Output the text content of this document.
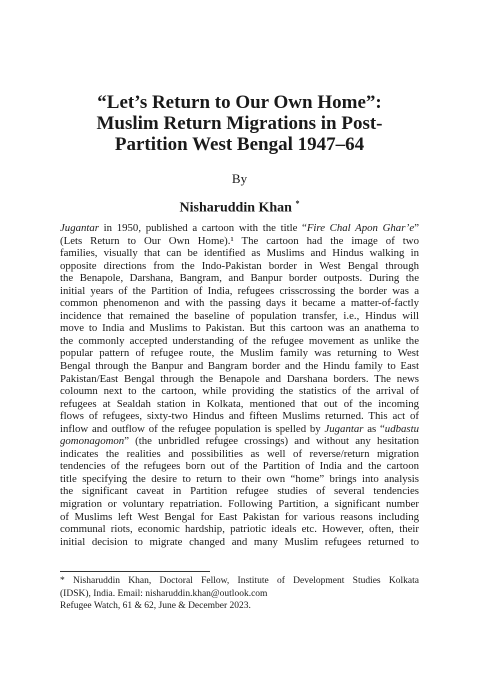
“Let’s Return to Our Own Home”:
Muslim Return Migrations in Post-
Partition West Bengal 1947–64

By

Nisharuddin Khan *

Jugantar in 1950, published a cartoon with the title “Fire Chal Apon Ghar’e”
(Lets Return to Our Own Home).¹ The cartoon had the image of two
families, visually that can be identified as Muslims and Hindus walking in
opposite directions from the Indo-Pakistan border in West Bengal through
the Benapole, Darshana, Bangram, and Banpur border outposts. During the
initial years of the Partition of India, refugees crisscrossing the border was a
common phenomenon and with the passing days it became a matter-of-factly
incidence that remained the baseline of population transfer, i.e., Hindus will
move to India and Muslims to Pakistan. But this cartoon was an anathema to
the commonly accepted understanding of the refugee movement as unlike the
popular pattern of refugee route, the Muslim family was returning to West
Bengal through the Banpur and Bangram border and the Hindu family to East
Pakistan/East Bengal through the Benapole and Darshana borders. The news
coloumn next to the cartoon, while providing the statistics of the arrival of
refugees at Sealdah station in Kolkata, mentioned that out of the incoming
flows of refugees, sixty-two Hindus and fifteen Muslims returned. This act of
inflow and outflow of the refugee population is spelled by Jugantar as “udbastu
gomonagomon” (the unbridled refugee crossings) and without any hesitation
indicates the realities and possibilities as well of reverse/return migration
tendencies of the refugees born out of the Partition of India and the cartoon
title specifying the desire to return to their own “home” brings into analysis
the significant caveat in Partition refugee studies of several tendencies
migration or voluntary repatriation. Following Partition, a significant number
of Muslims left West Bengal for East Pakistan for various reasons including
communal riots, economic hardship, patriotic ideals etc. However, often, their
initial decision to migrate changed and many Muslim refugees returned to
* Nisharuddin Khan, Doctoral Fellow, Institute of Development Studies Kolkata
(IDSK), India. Email: nisharuddin.khan@outlook.com
Refugee Watch, 61 & 62, June & December 2023.
